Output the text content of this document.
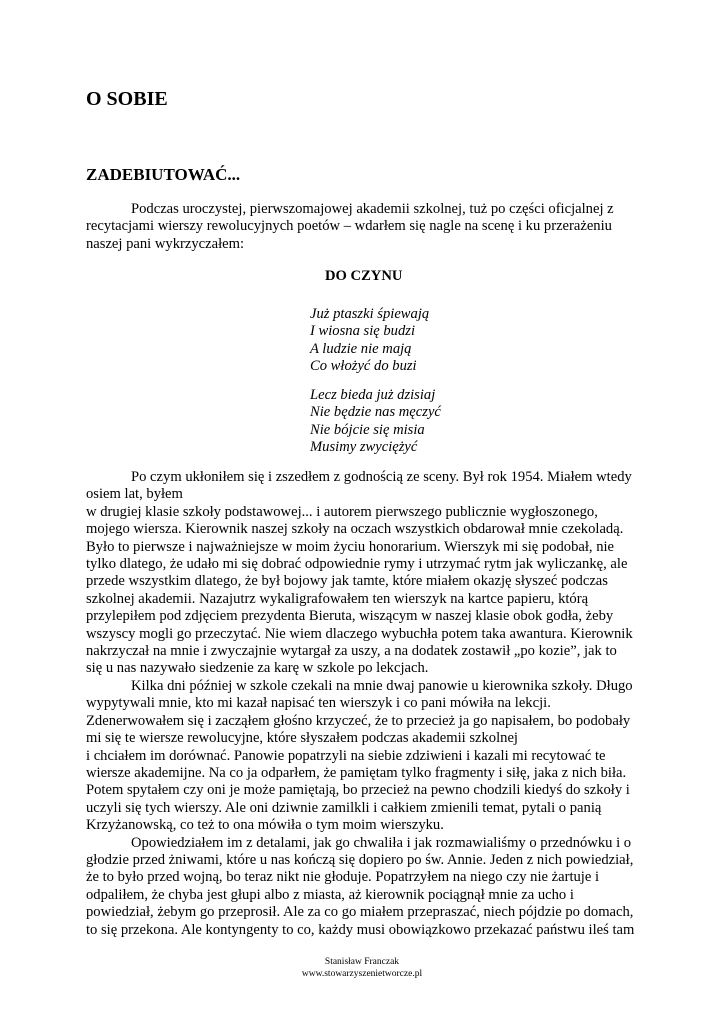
O SOBIE
ZADEBIUTOWAĆ...
Podczas uroczystej, pierwszomajowej akademii szkolnej, tuż po części oficjalnej z
recytacjami wierszy rewolucyjnych poetów – wdarłem się nagle na scenę i ku przerażeniu
naszej pani wykrzyczałem:
DO CZYNU
Już ptaszki śpiewają
I wiosna się budzi
A ludzie nie mają
Co włożyć do buzi
Lecz bieda już dzisiaj
Nie będzie nas męczyć
Nie bójcie się misia
Musimy zwyciężyć
Po czym ukłoniłem się i zszedłem z godnością ze sceny. Był rok 1954. Miałem wtedy
osiem lat, byłem
w drugiej klasie szkoły podstawowej... i autorem pierwszego publicznie wygłoszonego,
mojego wiersza. Kierownik naszej szkoły na oczach wszystkich obdarował mnie czekoladą.
Było to pierwsze i najważniejsze w moim życiu honorarium. Wierszyk mi się podobał, nie
tylko dlatego, że udało mi się dobrać odpowiednie rymy i utrzymać rytm jak wyliczankę, ale
przede wszystkim dlatego, że był bojowy jak tamte, które miałem okazję słyszeć podczas
szkolnej akademii. Nazajutrz wykaligrafowałem ten wierszyk na kartce papieru, którą
przylepiłem pod zdjęciem prezydenta Bieruta, wiszącym w naszej klasie obok godła, żeby
wszyscy mogli go przeczytać. Nie wiem dlaczego wybuchła potem taka awantura. Kierownik
nakrzyczał na mnie i zwyczajnie wytargał za uszy, a na dodatek zostawił „po kozie”, jak to
się u nas nazywało siedzenie za karę w szkole po lekcjach.
Kilka dni później w szkole czekali na mnie dwaj panowie u kierownika szkoły. Długo
wypytywali mnie, kto mi kazał napisać ten wierszyk i co pani mówiła na lekcji.
Zdenerwowałem się i zacząłem głośno krzyczeć, że to przecież ja go napisałem, bo podobały
mi się te wiersze rewolucyjne, które słyszałem podczas akademii szkolnej
i chciałem im dorównać. Panowie popatrzyli na siebie zdziwieni i kazali mi recytować te
wiersze akademijne. Na co ja odparłem, że pamiętam tylko fragmenty i siłę, jaka z nich biła.
Potem spytałem czy oni je może pamiętają, bo przecież na pewno chodzili kiedyś do szkoły i
uczyli się tych wierszy. Ale oni dziwnie zamilkli i całkiem zmienili temat, pytali o panią
Krzyżanowską, co też to ona mówiła o tym moim wierszyku.
Opowiedziałem im z detalami, jak go chwaliła i jak rozmawialiśmy o przednówku i o
głodzie przed żniwami, które u nas kończą się dopiero po św. Annie. Jeden z nich powiedział,
że to było przed wojną, bo teraz nikt nie głoduje. Popatrzyłem na niego czy nie żartuje i
odpaliłem, że chyba jest głupi albo z miasta, aż kierownik pociągnął mnie za ucho i
powiedział, żebym go przeprosił. Ale za co go miałem przepraszać, niech pójdzie po domach,
to się przekona. Ale kontyngenty to co, każdy musi obowiązkowo przekazać państwu ileś tam
Stanisław Franczak
www.stowarzyszenietworcze.pl
